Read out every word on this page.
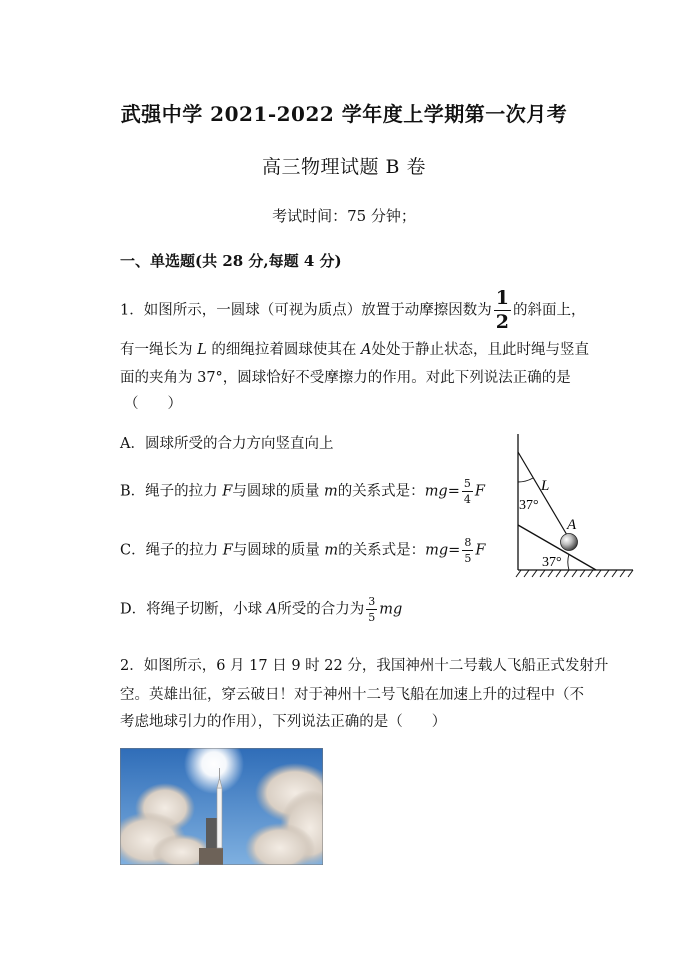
武强中学 2021-2022 学年度上学期第一次月考
高三物理试题 B 卷
考试时间：75 分钟；
一、单选题(共 28 分,每题 4 分)
1．如图所示，一圆球（可视为质点）放置于动摩擦因数为 $\frac{1}{2}$ 的斜面上，
有一绳长为 L 的细绳拉着圆球使其在 A处处于静止状态，且此时绳与竖直
面的夹角为 37°，圆球恰好不受摩擦力的作用。对此下列说法正确的是
（　　）
A．圆球所受的合力方向竖直向上
B．绳子的拉力 F与圆球的质量 m的关系式是：$mg= \frac{5}{4}$ F
C．绳子的拉力 F与圆球的质量 m的关系式是：$mg= \frac{8}{5}$ F
D．将绳子切断，小球 A所受的合力为 $\frac{3}{5}$ mg
L
A
37°
37°
2．如图所示，6 月 17 日 9 时 22 分，我国神州十二号载人飞船正式发射升
空。英雄出征，穿云破日！对于神州十二号飞船在加速上升的过程中（不
考虑地球引力的作用），下列说法正确的是（　　）
